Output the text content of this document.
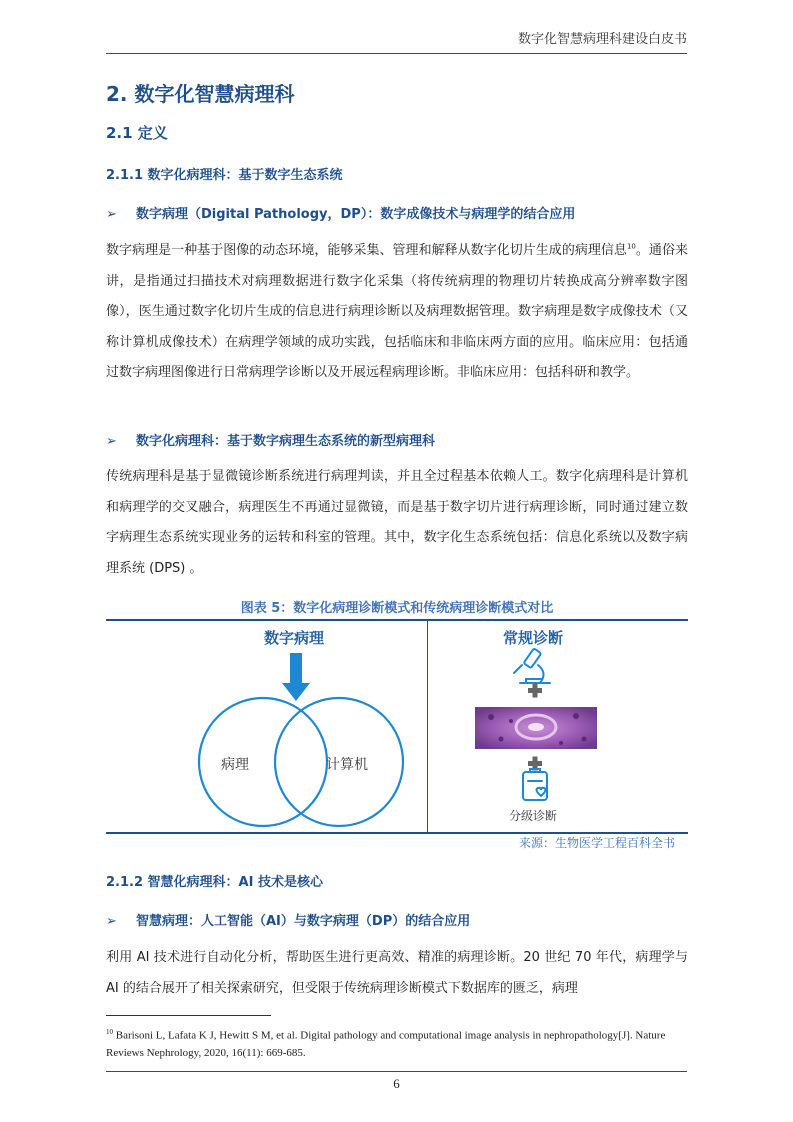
数字化智慧病理科建设白皮书
2. 数字化智慧病理科
2.1 定义
2.1.1 数字化病理科：基于数字生态系统
➢ 数字病理（Digital Pathology，DP）：数字成像技术与病理学的结合应用
数字病理是一种基于图像的动态环境，能够采集、管理和解释从数字化切片生成的病理信息$^{10}$。通俗来讲，是指通过扫描技术对病理数据进行数字化采集（将传统病理的物理切片转换成高分辨率数字图像），医生通过数字化切片生成的信息进行病理诊断以及病理数据管理。数字病理是数字成像技术（又称计算机成像技术）在病理学领域的成功实践，包括临床和非临床两方面的应用。临床应用：包括通过数字病理图像进行日常病理学诊断以及开展远程病理诊断。非临床应用：包括科研和教学。
➢ 数字化病理科：基于数字病理生态系统的新型病理科
传统病理科是基于显微镜诊断系统进行病理判读，并且全过程基本依赖人工。数字化病理科是计算机和病理学的交叉融合，病理医生不再通过显微镜，而是基于数字切片进行病理诊断，同时通过建立数字病理生态系统实现业务的运转和科室的管理。其中，数字化生态系统包括：信息化系统以及数字病理系统 (DPS) 。
图表 5：数字化病理诊断模式和传统病理诊断模式对比
数字病理	常规诊断
病理	计算机
分级诊断
来源：生物医学工程百科全书
2.1.2 智慧化病理科：AI 技术是核心
➢ 智慧病理：人工智能（AI）与数字病理（DP）的结合应用
利用 AI 技术进行自动化分析，帮助医生进行更高效、精准的病理诊断。20 世纪 70 年代，病理学与 AI 的结合展开了相关探索研究，但受限于传统病理诊断模式下数据库的匮乏，病理
$^{10}$ Barisoni L, Lafata K J, Hewitt S M, et al. Digital pathology and computational image analysis in nephropathology[J]. Nature Reviews Nephrology, 2020, 16(11): 669-685.
6
